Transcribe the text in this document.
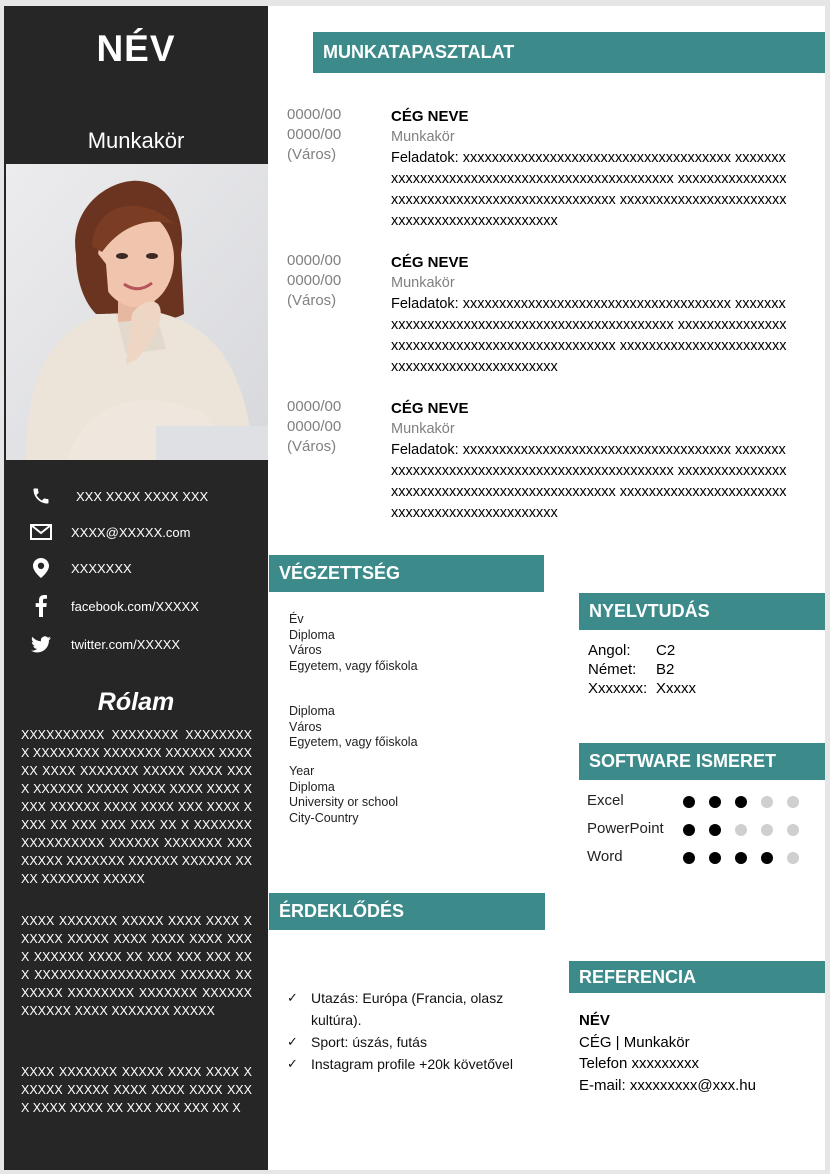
NÉV
Munkakör
XXX XXXX XXXX XXX
XXXX@XXXXX.com
XXXXXXX
facebook.com/XXXXX
twitter.com/XXXXX
Rólam
XXXXXXXXXX XXXXXXXX XXXXXXXXX XXXXXXXX XXXXXXX XXXXXX XXXXXX XXXX XXXXXXX XXXXX XXXX XXXX XXXXXX XXXXX XXXX XXXX XXXX XXXX XXXXXX XXXX XXXX XXX XXXX XXXX XX XXX XXX XXX XX X XXXXXXXXXXXXXXXXX XXXXXX XXXXXXX XXXXXXXX XXXXXXX XXXXXX XXXXXX XXXX XXXXXXX XXXXX
XXXX XXXXXXX XXXXX XXXX XXXX XXXXXX XXXXX XXXX XXXX XXXX XXXX XXXXXX XXXX XX XXX XXX XXX XX X XXXXXXXXXXXXXXXXX XXXXXX XXXXXXX XXXXXXXX XXXXXXX XXXXXX XXXXXX XXXX XXXXXXX XXXXX
XXXX XXXXXXX XXXXX XXXX XXXX XXXXXX XXXXX XXXX XXXX XXXX XXXX XXXX XXXX XX XXX XXX XXX XX X
MUNKATAPASZTALAT
0000/00
0000/00
(Város)
CÉG NEVE
Munkakör
Feladatok: xxxxxxxxxxxxxxxxxxxxxxxxxxxxxxxxxxxxx xxxxxxxxxxxxxxxxxxxxxxxxxxxxxxxxxxxxxxxxxxxxxx xxxxxxxxxxxxxxxxxxxxxxxxxxxxxxxxxxxxxxxxxxxxxx xxxxxxxxxxxxxxxxxxxxxxxxxxxxxxxxxxxxxxxxxxxxxx
0000/00
0000/00
(Város)
CÉG NEVE
Munkakör
Feladatok: xxxxxxxxxxxxxxxxxxxxxxxxxxxxxxxxxxxxx xxxxxxxxxxxxxxxxxxxxxxxxxxxxxxxxxxxxxxxxxxxxxx xxxxxxxxxxxxxxxxxxxxxxxxxxxxxxxxxxxxxxxxxxxxxx xxxxxxxxxxxxxxxxxxxxxxxxxxxxxxxxxxxxxxxxxxxxxx
0000/00
0000/00
(Város)
CÉG NEVE
Munkakör
Feladatok: xxxxxxxxxxxxxxxxxxxxxxxxxxxxxxxxxxxxx xxxxxxxxxxxxxxxxxxxxxxxxxxxxxxxxxxxxxxxxxxxxxx xxxxxxxxxxxxxxxxxxxxxxxxxxxxxxxxxxxxxxxxxxxxxx xxxxxxxxxxxxxxxxxxxxxxxxxxxxxxxxxxxxxxxxxxxxxx
VÉGZETTSÉG
Év
Diploma
Város
Egyetem, vagy főiskola
Diploma
Város
Egyetem, vagy főiskola
Year
Diploma
University or school
City-Country
ÉRDEKLŐDÉS
✓ Utazás: Európa (Francia, olasz kultúra).
✓ Sport: úszás, futás
✓ Instagram profile +20k követővel
NYELVTUDÁS
Angol: C2
Német: B2
Xxxxxxx: Xxxxx
SOFTWARE ISMERET
Excel
PowerPoint
Word
REFERENCIA
NÉV
CÉG | Munkakör
Telefon xxxxxxxxx
E-mail: xxxxxxxxx@xxx.hu
